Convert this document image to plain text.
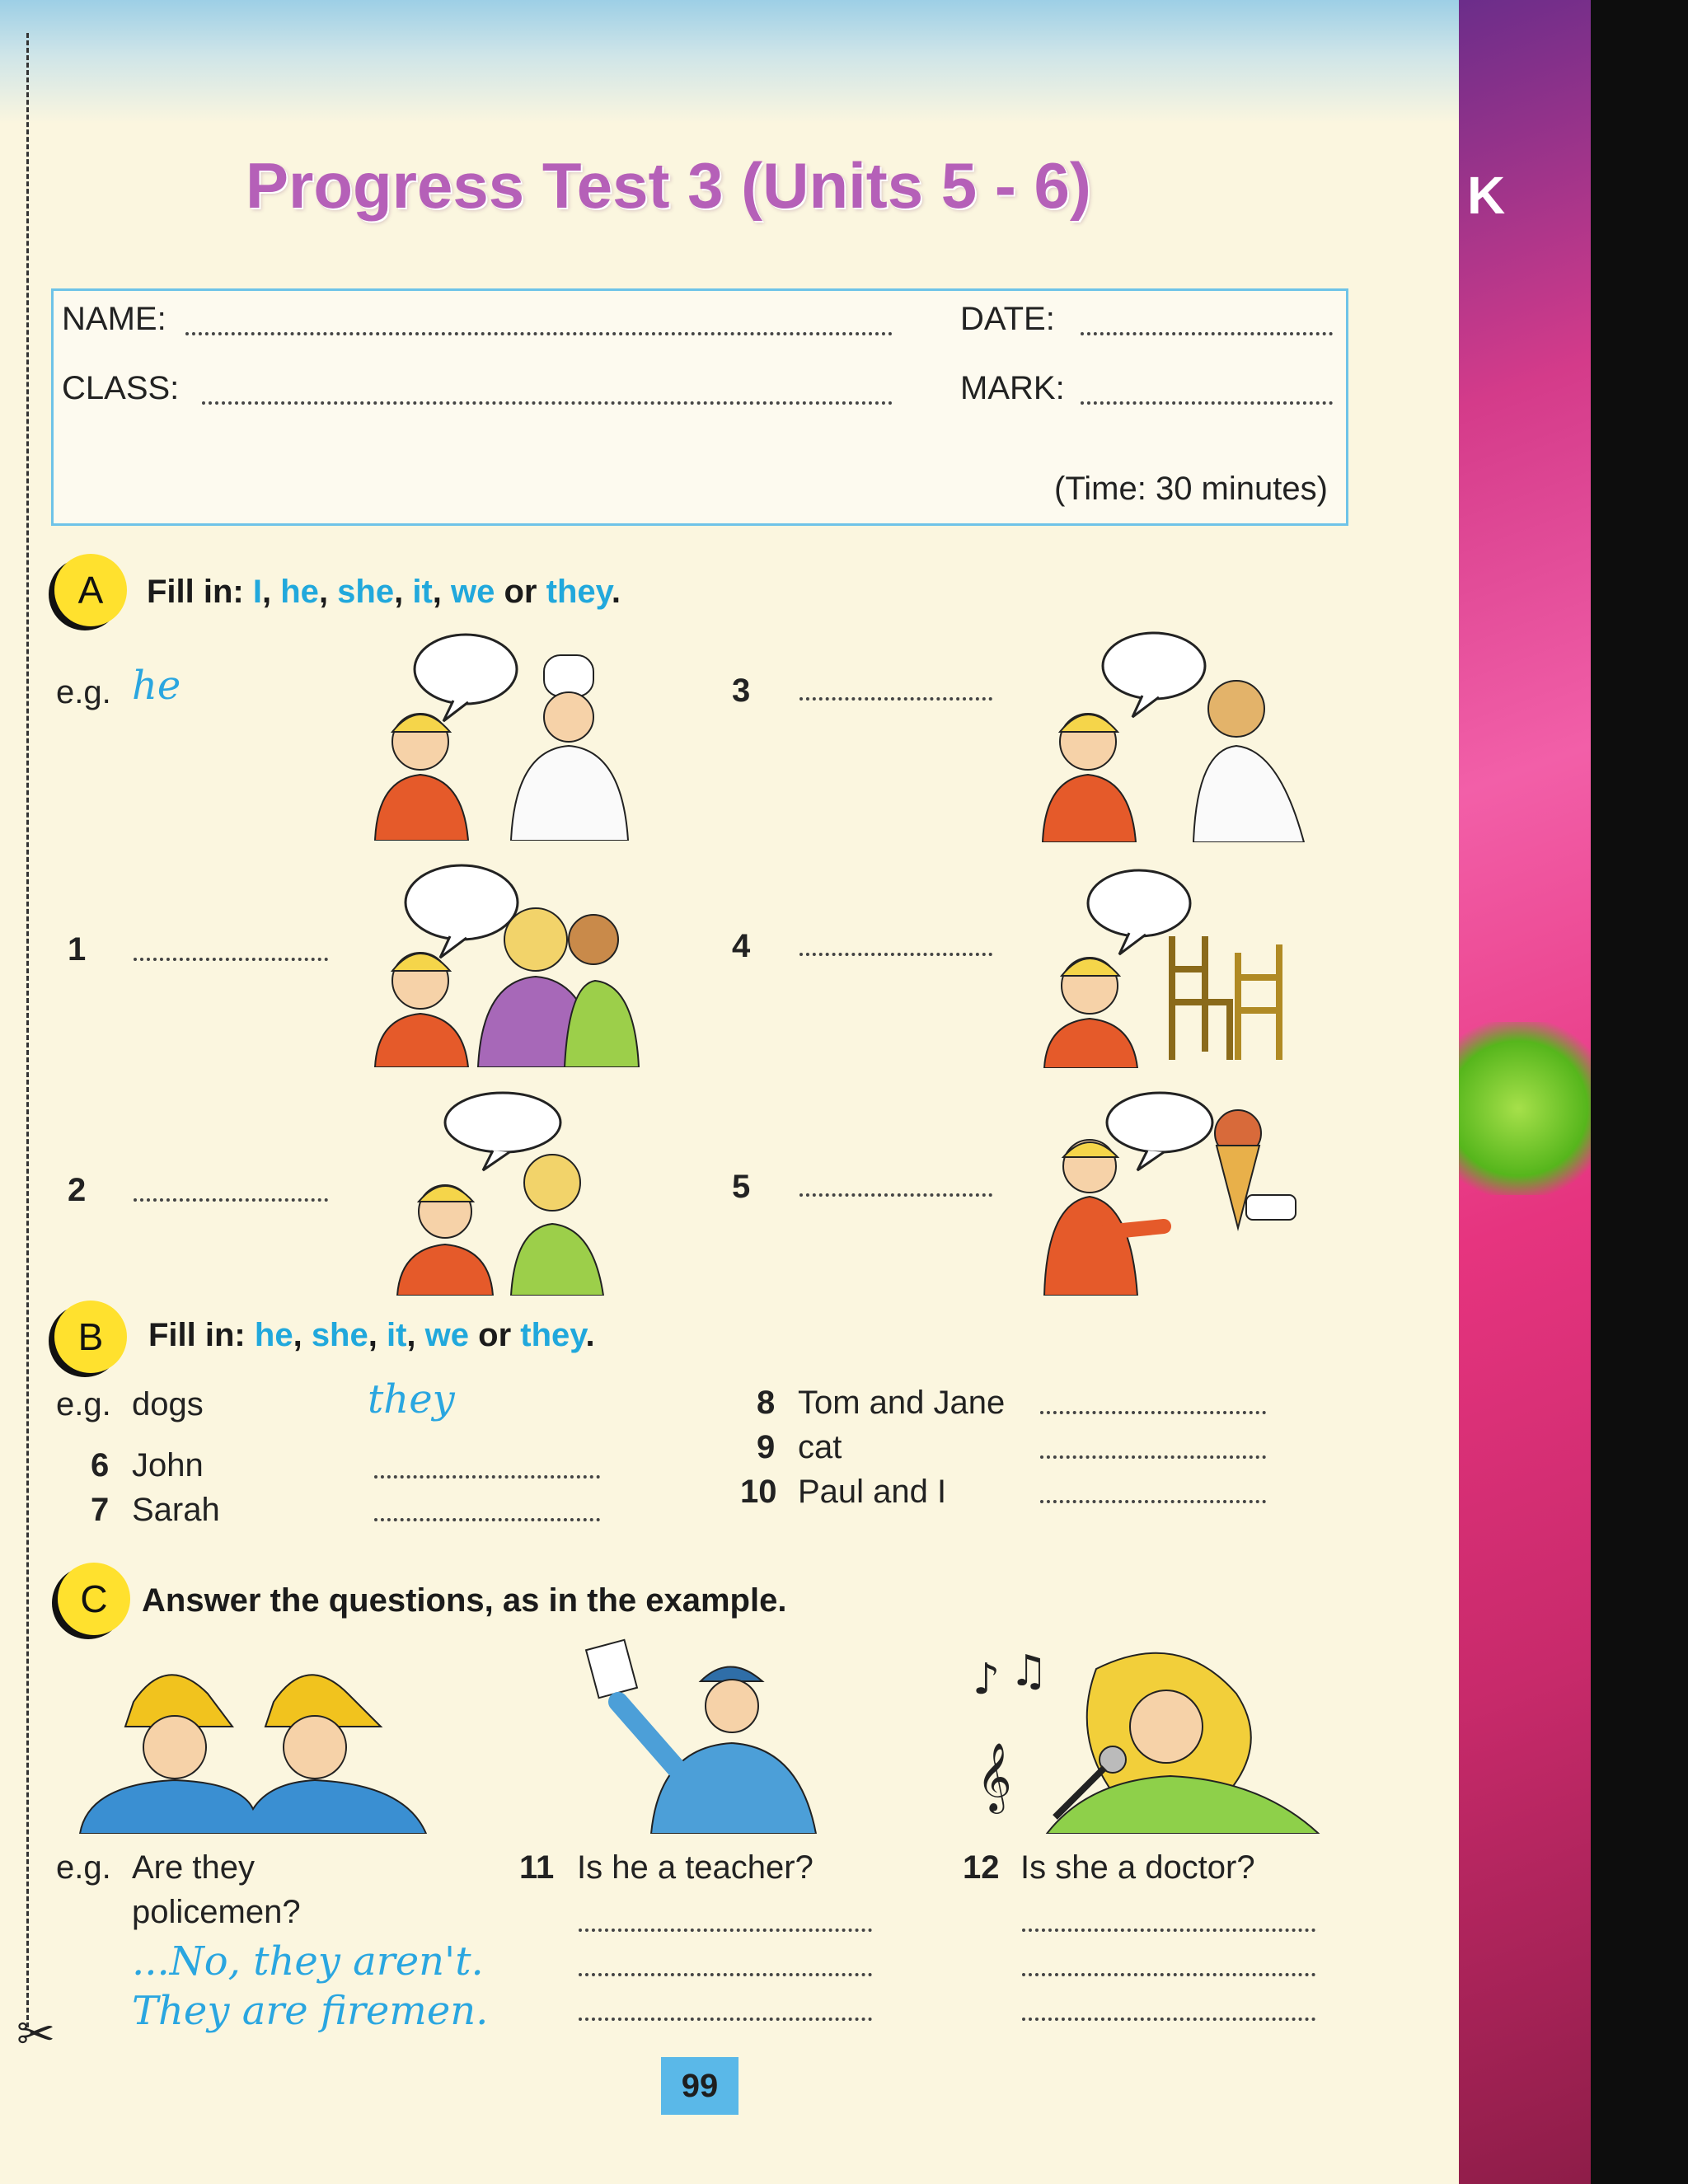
✂
Progress Test 3 (Units 5 - 6)
NAME:	DATE:
CLASS:	MARK:
(Time: 30 minutes)
A Fill in: I, he, she, it, we or they.
e.g. he
1
2
3
4
5
B Fill in: he, she, it, we or they.
e.g. dogs	they
6 John
7 Sarah
8 Tom and Jane
9 cat
10 Paul and I
C Answer the questions, as in the example.
♪ ♫
𝄞
e.g. Are they
policemen?
...No, they aren't.
They are firemen.
11 Is he a teacher?	12 Is she a doctor?
99
K
